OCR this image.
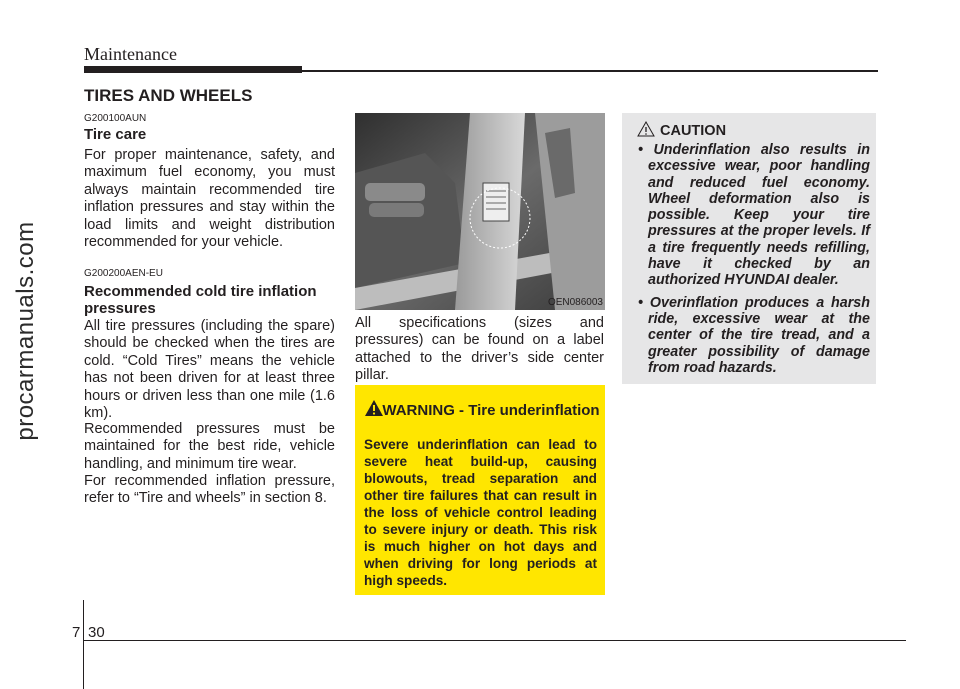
Maintenance
procarmanuals.com
TIRES AND WHEELS
G200100AUN
Tire care
For proper maintenance, safety, and maximum fuel economy, you must always maintain recommended tire inflation pressures and stay within the load limits and weight distribution recommended for your vehicle.
G200200AEN-EU
Recommended cold tire inflation pressures
All tire pressures (including the spare) should be checked when the tires are cold. “Cold Tires” means the vehicle has not been driven for at least three hours or driven less than one mile (1.6 km).
Recommended pressures must be maintained for the best ride, vehicle handling, and minimum tire wear.
For recommended inflation pressure, refer to “Tire and wheels” in section 8.
OEN086003
All specifications (sizes and pressures) can be found on a label attached to the driver’s side center pillar.
CAUTION

• Underinflation also results in excessive wear, poor handling and reduced fuel economy. Wheel deformation also is possible. Keep your tire pressures at the proper levels. If a tire frequently needs refilling, have it checked by an authorized HYUNDAI dealer.

• Overinflation produces a harsh ride, excessive wear at the center of the tire tread, and a greater possibility of damage from road hazards.

WARNING - Tire underinflation
Severe underinflation can lead to severe heat build-up, causing blowouts, tread separation and other tire failures that can result in the loss of vehicle control leading to severe injury or death. This risk is much higher on hot days and when driving for long periods at high speeds.
7 30
